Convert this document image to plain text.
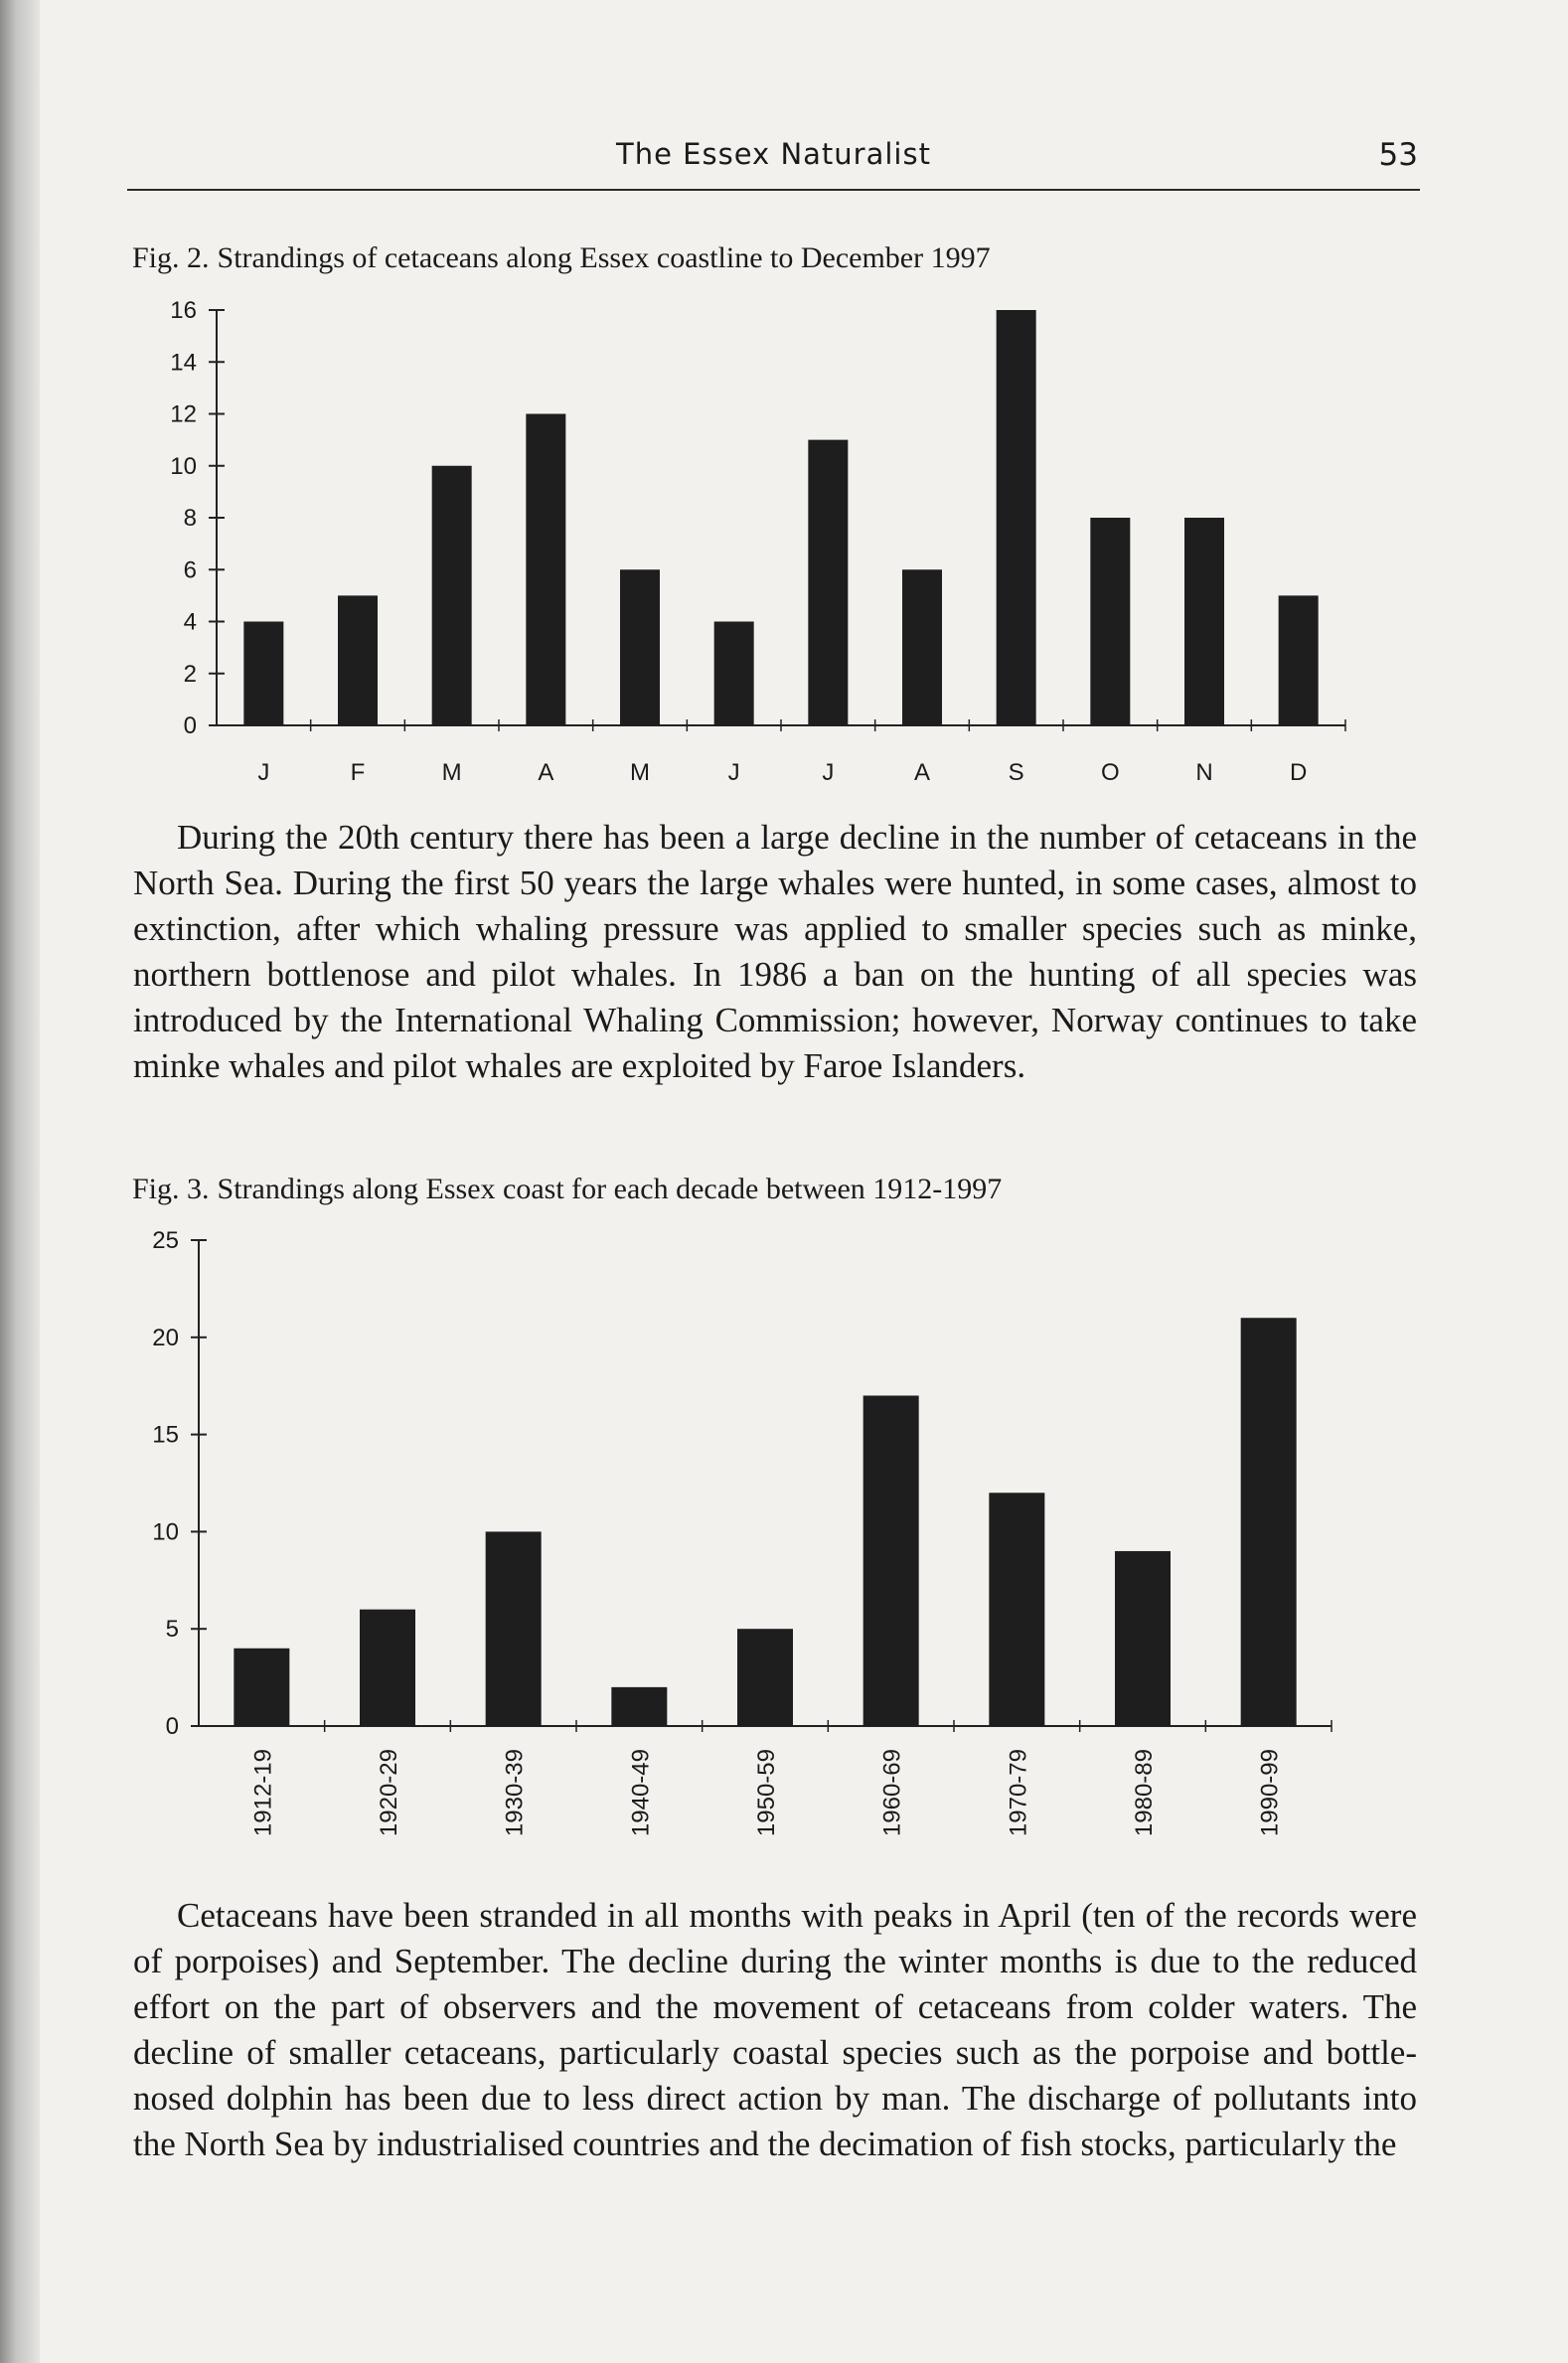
The Essex Naturalist	53
Fig. 2. Strandings of cetaceans along Essex coastline to December 1997
0
2
4
6
8
10
12
14
16
J	F	M	A	M	J	J	A	S	O	N	D

During the 20th century there has been a large decline in the number of cetaceans in the North Sea. During the first 50 years the large whales were hunted, in some cases, almost to extinction, after which whaling pressure was applied to smaller species such as minke, northern bottlenose and pilot whales. In 1986 a ban on the hunting of all species was introduced by the International Whaling Commission; however, Norway continues to take minke whales and pilot whales are exploited by Faroe Islanders.

Fig. 3. Strandings along Essex coast for each decade between 1912-1997
0
5
10
15
20
25
1912-19	1920-29	1930-39	1940-49	1950-59	1960-69	1970-79	1980-89	1990-99

Cetaceans have been stranded in all months with peaks in April (ten of the records were of porpoises) and September. The decline during the winter months is due to the reduced effort on the part of observers and the movement of cetaceans from colder waters. The decline of smaller cetaceans, particularly coastal species such as the porpoise and bottle-nosed dolphin has been due to less direct action by man. The discharge of pollutants into the North Sea by industrialised countries and the decimation of fish stocks, particularly the
